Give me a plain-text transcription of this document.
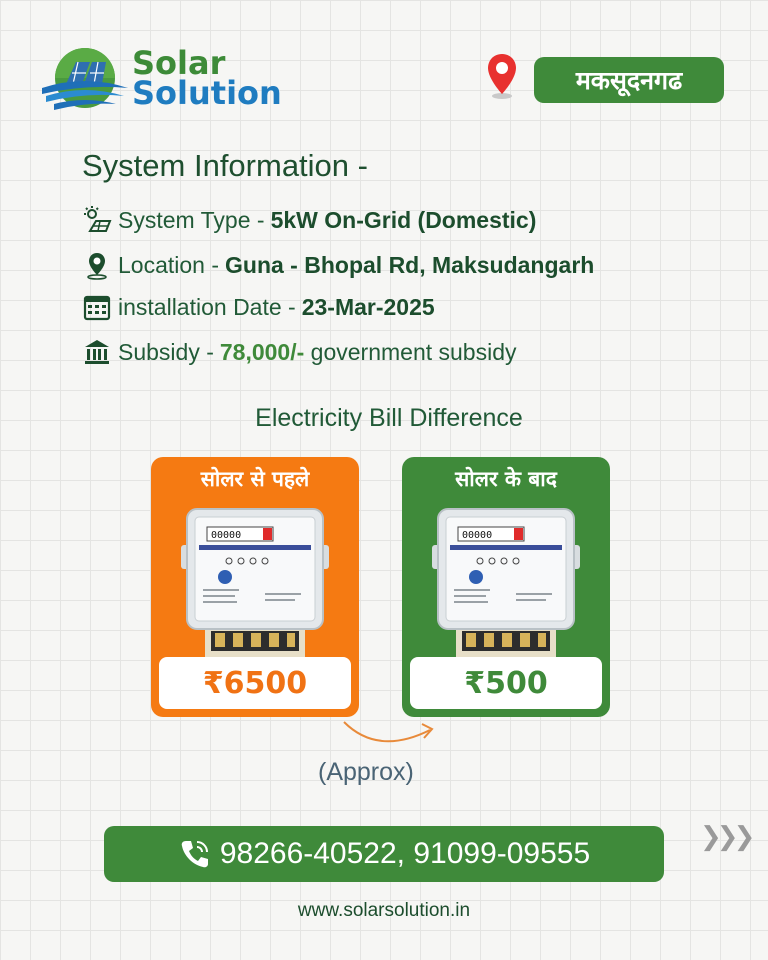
Solar
Solution	मकसूदनगढ
System Information -
System Type - 5kW On-Grid (Domestic)
Location - Guna - Bhopal Rd, Maksudangarh
installation Date - 23-Mar-2025
Subsidy - 78,000/- government subsidy
Electricity Bill Difference
सोलर से पहले
00000
₹6500
सोलर के बाद
00000
₹500
(Approx)
98266-40522, 91099-09555	❯❯❯
www.solarsolution.in
